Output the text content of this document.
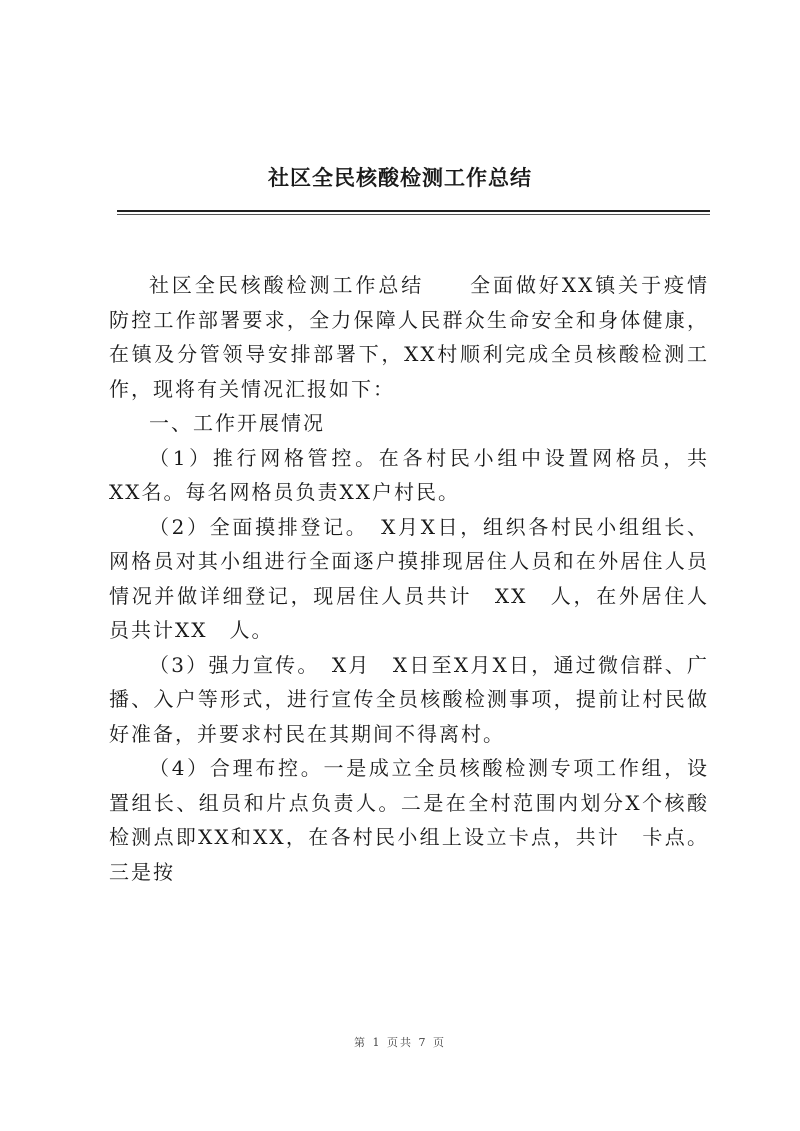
社区全民核酸检测工作总结

社区全民核酸检测工作总结　　全面做好XX镇关于疫情防控工作部署要求，全力保障人民群众生命安全和身体健康，在镇及分管领导安排部署下，XX村顺利完成全员核酸检测工作，现将有关情况汇报如下：

一、工作开展情况

（1）推行网格管控。在各村民小组中设置网格员，共　XX名。每名网格员负责XX户村民。

（2）全面摸排登记。　X月X日，组织各村民小组组长、网格员对其小组进行全面逐户摸排现居住人员和在外居住人员情况并做详细登记，现居住人员共计　XX　人，在外居住人员共计XX　人。

（3）强力宣传。　X月　X日至X月X日，通过微信群、广播、入户等形式，进行宣传全员核酸检测事项，提前让村民做好准备，并要求村民在其期间不得离村。

（4）合理布控。一是成立全员核酸检测专项工作组，设置组长、组员和片点负责人。二是在全村范围内划分X个核酸检测点即XX和XX，在各村民小组上设立卡点，共计　卡点。三是按

第 1 页共 7 页
